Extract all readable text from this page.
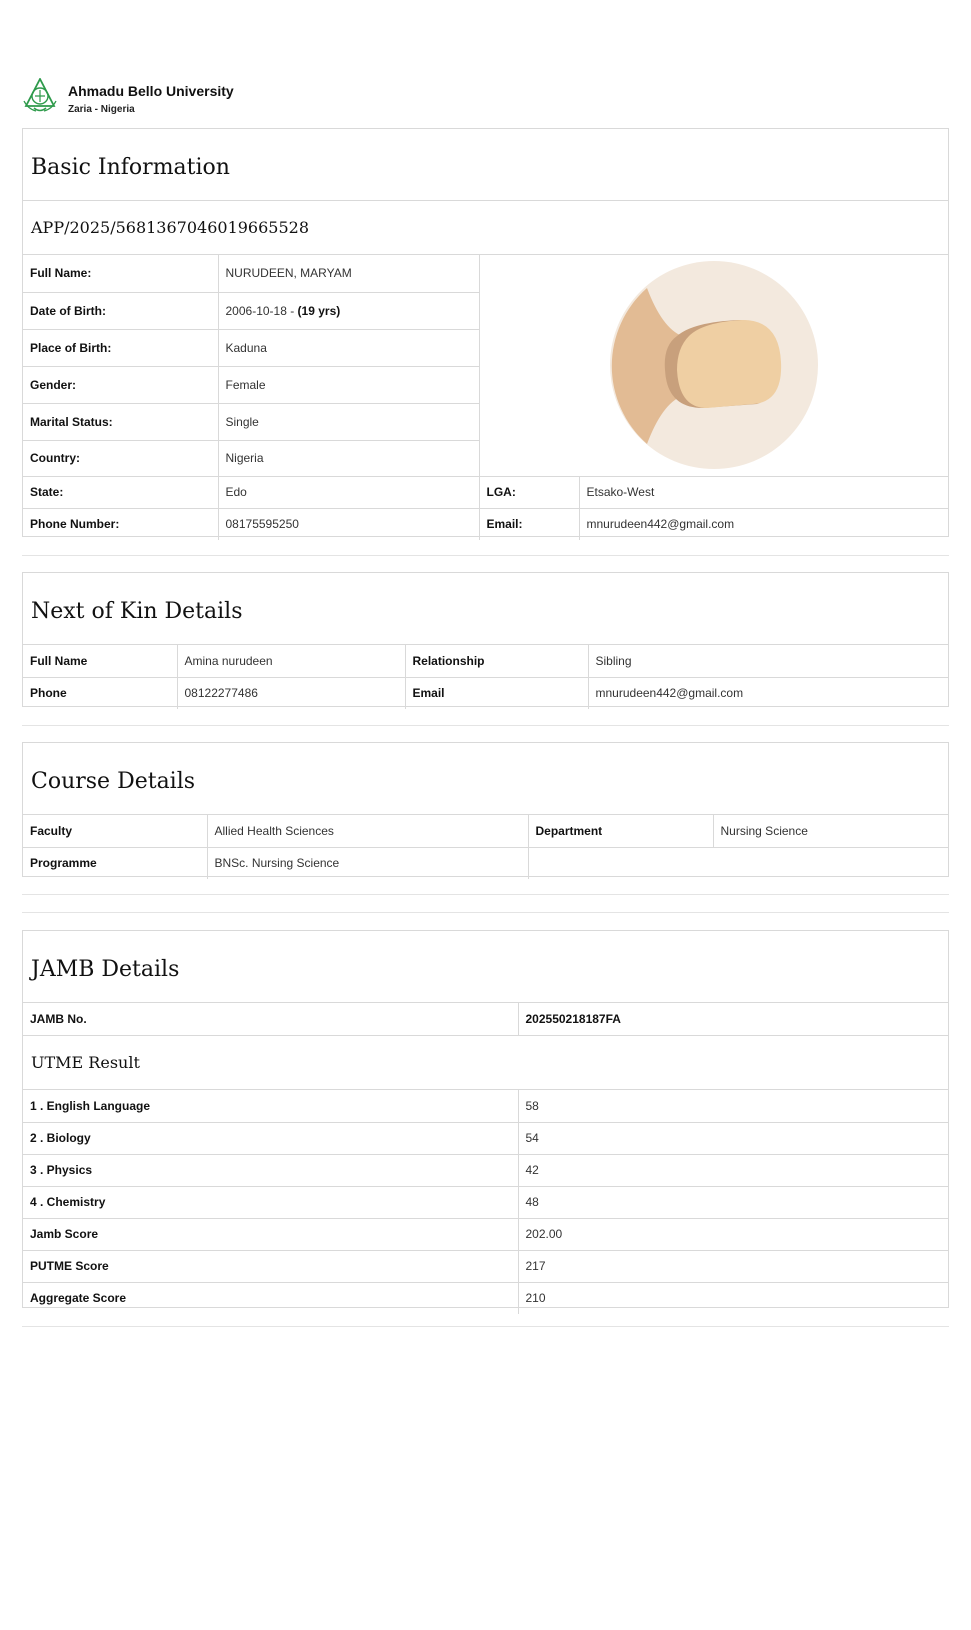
Ahmadu Bello University
Zaria - Nigeria
Basic Information
APP/2025/5681367046019665528
Full Name:	NURUDEEN, MARYAM	
Date of Birth:	2006-10-18 - (19 yrs)		
Place of Birth:	Kaduna		
Gender:	Female		
Marital Status:	Single		
Country:	Nigeria		
State:	Edo	LGA:	Etsako-West
Phone Number:	08175595250	Email:	mnurudeen442@gmail.com
Next of Kin Details
Full Name	Amina nurudeen	Relationship	Sibling
Phone	08122277486	Email	mnurudeen442@gmail.com
Course Details
Faculty	Allied Health Sciences	Department	Nursing Science
Programme	BNSc. Nursing Science		
JAMB Details
JAMB No.	202550218187FA
UTME Result
1 . English Language	58
2 . Biology	54
3 . Physics	42
4 . Chemistry	48
Jamb Score	202.00
PUTME Score	217
Aggregate Score	210
